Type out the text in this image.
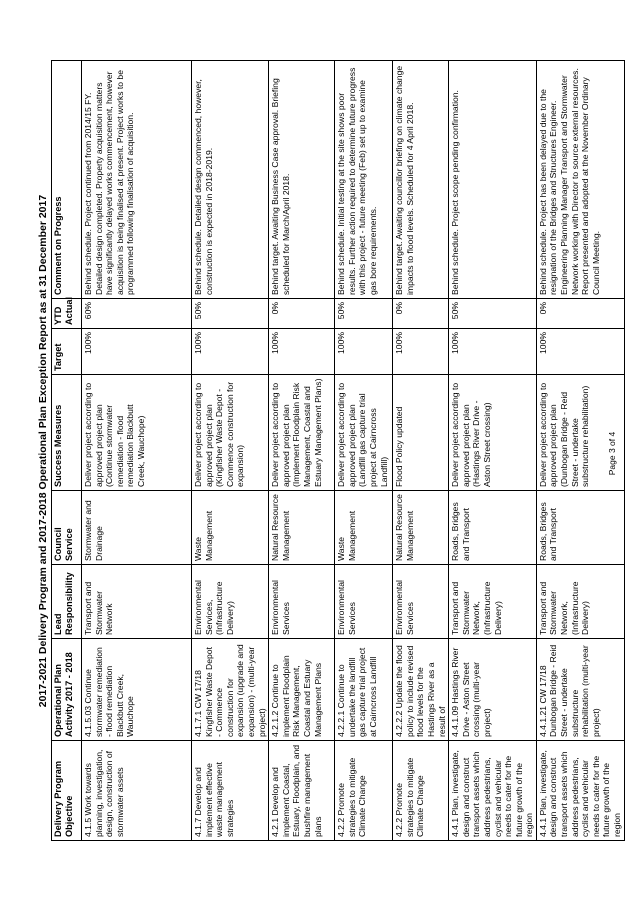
2017-2021 Delivery Program and 2017-2018 Operational Plan Exception Report as at 31 December 2017
Delivery Program Objective	Operational Plan Activity 2017 - 2018	Lead Responsibility	Council Service	Success Measures	Target	YTD Actual	Comment on Progress
4.1.5 Work towards planning, investigation, design, construction of stormwater assets	4.1.5.03 Continue stormwater remediation - flood remediation Blackbutt Creek, Wauchope	Transport and Stormwater Network	Stormwater and Drainage	Deliver project according to approved project plan (Continue stormwater remediation - flood remediation Blackbutt Creek, Wauchope)	100%	60%	Behind schedule. Project continued from 2014/15 FY. Detailed design completed. Property acquisition matters have significantly delayed works commencement, however acquisition is being finalised at present. Project works to be programmed following finalisation of acquisition.
4.1.7 Develop and implement effective waste management strategies	4.1.7.1 CW 17/18 Kingfisher Waste Depot - Commence construction for expansion (upgrade and expansion) - (multi-year project)	Environmental Services, (Infrastructure Delivery)	Waste Management	Deliver project according to approved project plan (Kingfisher Waste Depot - Commence construction for expansion)	100%	50%	Behind schedule. Detailed design commenced, however, construction is expected in 2018-2019.
4.2.1 Develop and implement Coastal, Estuary, Floodplain, and bushfire management plans	4.2.1.2 Continue to implement Floodplain Risk Management, Coastal and Estuary Management Plans	Environmental Services	Natural Resource Management	Deliver project according to approved project plan (Implement Floodplain Risk Management, Coastal and Estuary Management Plans)	100%	0%	Behind target. Awaiting Business Case approval. Briefing scheduled for March/April 2018.
4.2.2 Promote strategies to mitigate Climate Change	4.2.2.1 Continue to undertake the landfill gas capture trial project at Cairncross Landfill	Environmental Services	Waste Management	Deliver project according to approved project plan (Landfill gas capture trial project at Cairncross Landfill)	100%	50%	Behind schedule. Initial testing at the site shows poor results. Further action required to determine future progress with this project - future meeting (Feb) set up to examine gas bore requirements.
4.2.2 Promote strategies to mitigate Climate Change	4.2.2.2 Update the flood policy to include revised flood levels for the Hastings River as a result of	Environmental Services	Natural Resource Management	Flood Policy updated	100%	0%	Behind target. Awaiting councillor briefing on climate change impacts to flood levels. Scheduled for 4 April 2018.
4.4.1 Plan, investigate, design and construct transport assets which address pedestrians, cyclist and vehicular needs to cater for the future growth of the region	4.4.1.09 Hastings River Drive - Aston Street crossing (multi-year project)	Transport and Stormwater Network, (Infrastructure Delivery)	Roads, Bridges and Transport	Deliver project according to approved project plan (Hastings River Drive - Aston Street crossing)	100%	50%	Behind schedule. Project scope pending confirmation.
4.4.1 Plan, investigate, design and construct transport assets which address pedestrians, cyclist and vehicular needs to cater for the future growth of the region	4.4.1.21 CW 17/18 Dunbogan Bridge - Reid Street - undertake substructure rehabilitation (multi-year project)	Transport and Stormwater Network, (Infrastructure Delivery)	Roads, Bridges and Transport	Deliver project according to approved project plan (Dunbogan Bridge - Reid Street - undertake substructure rehabilitation)	100%	0%	Behind schedule. Project has been delayed due to the resignation of the Bridges and Structures Engineer. Engineering Planning Manager Transport and Stormwater Network working with Director to source external resources. Report presented and adopted at the November Ordinary Council Meeting.
Page 3 of 4
